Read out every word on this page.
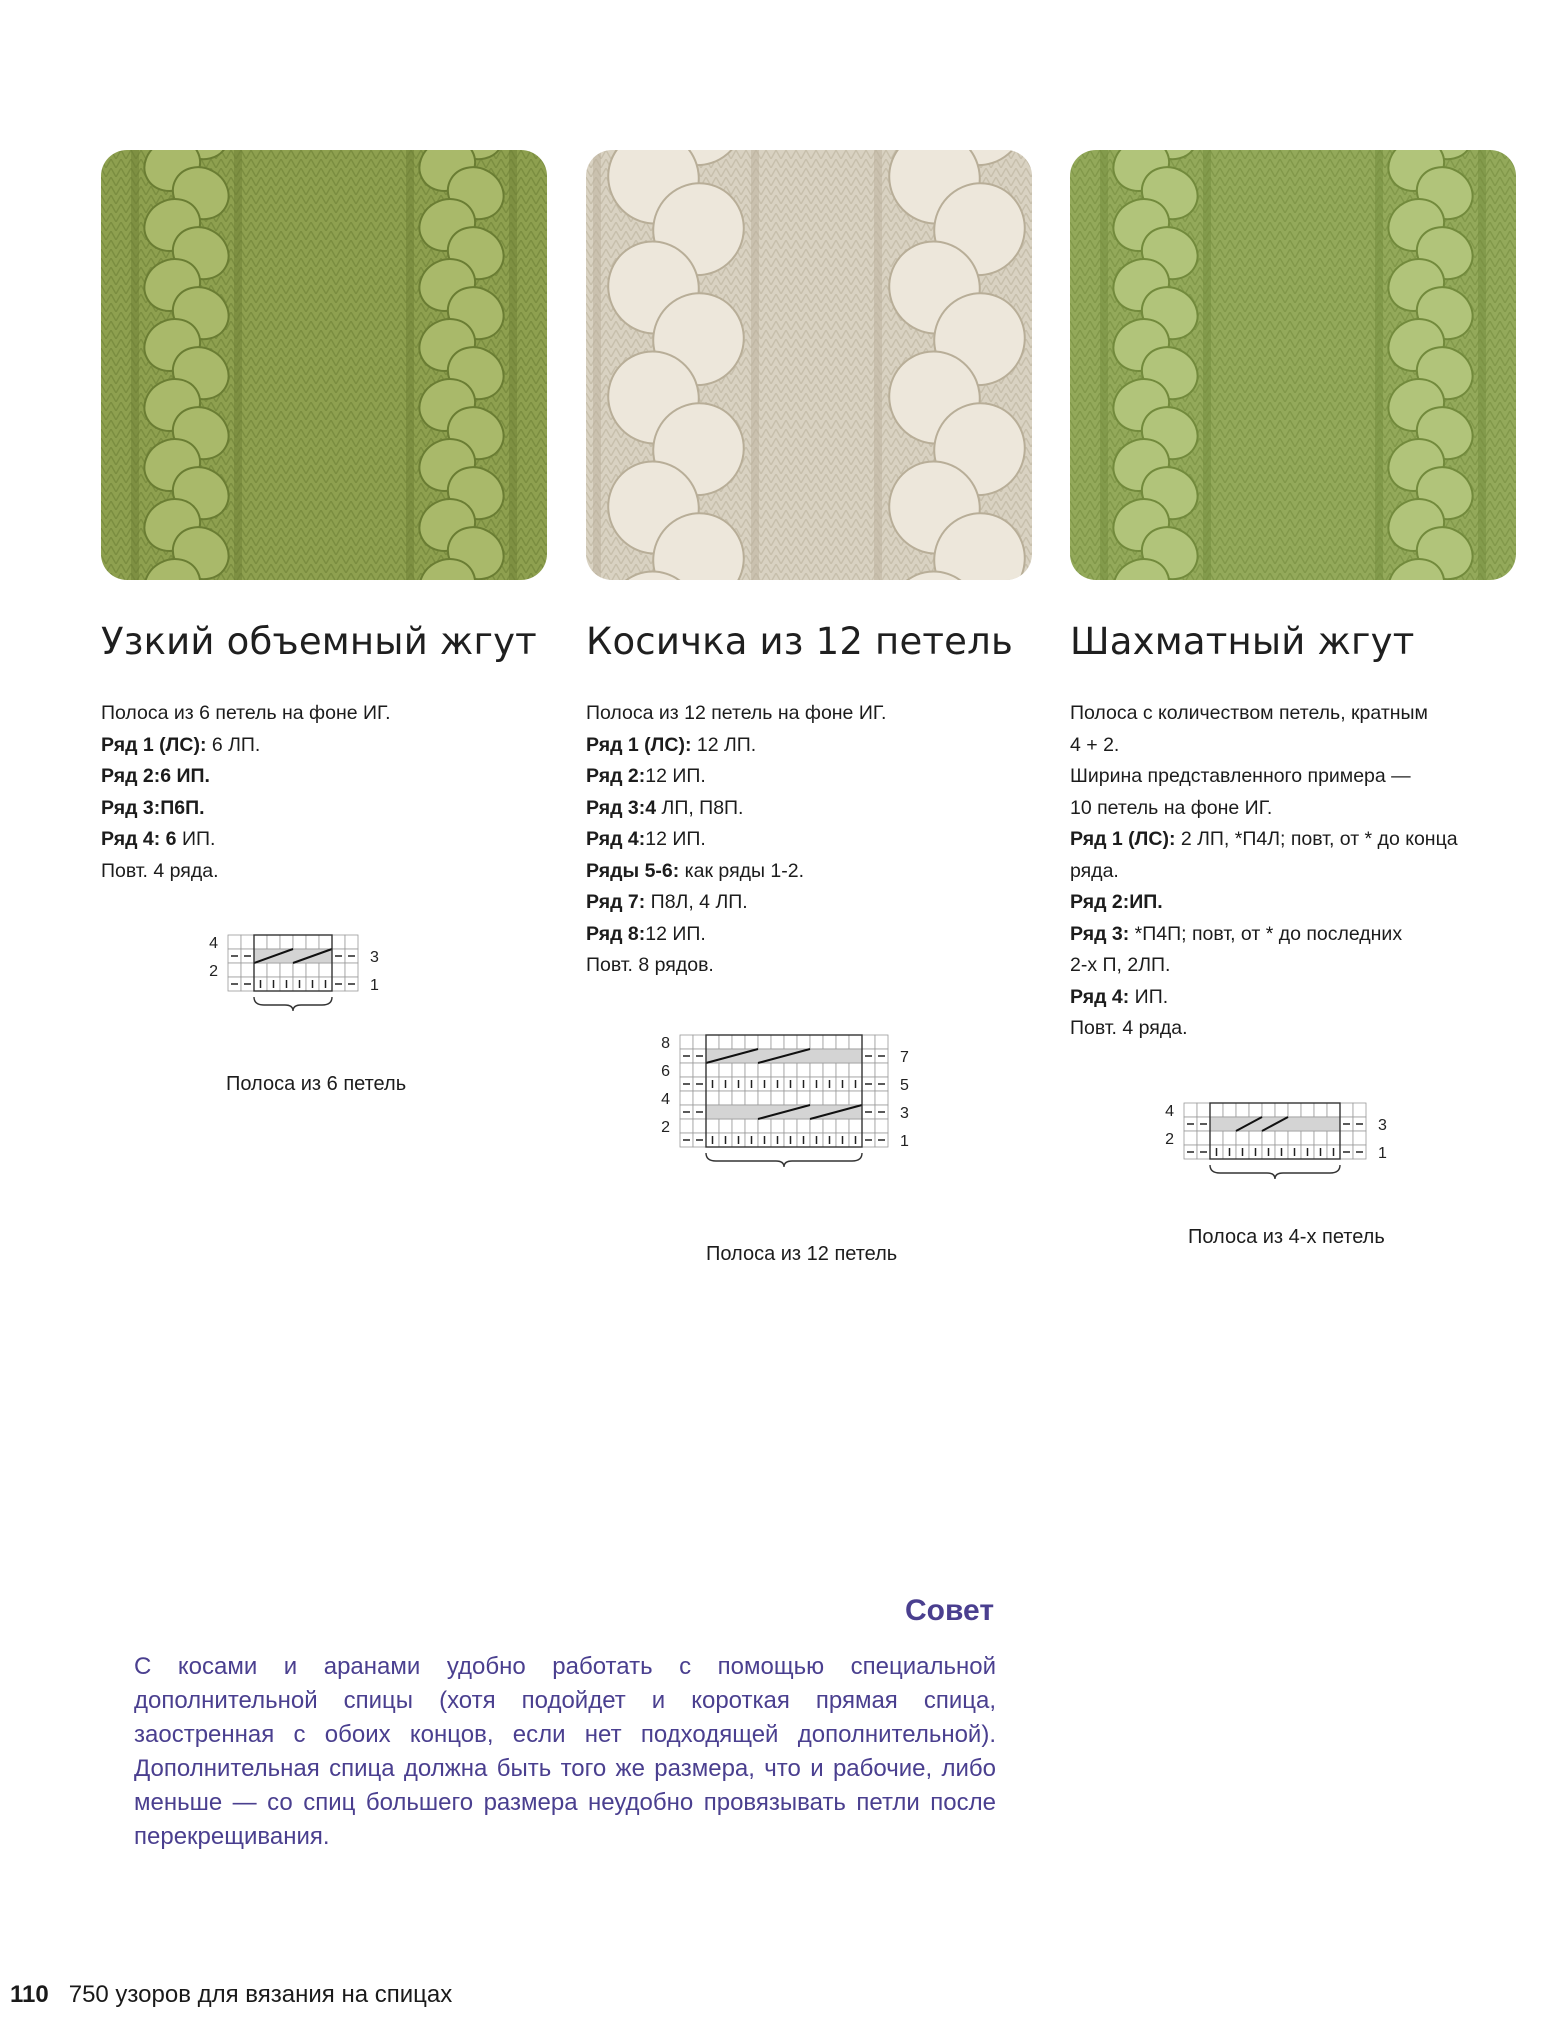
Узкий объемный жгут
Полоса из 6 петель на фоне ИГ.
Ряд 1 (ЛС): 6 ЛП.
Ряд 2:6 ИП.
Ряд 3:П6П.
Ряд 4: 6 ИП.
Повт. 4 ряда.
4
2
3
1
Полоса из 6 петель
Косичка из 12 петель
Полоса из 12 петель на фоне ИГ.
Ряд 1 (ЛС): 12 ЛП.
Ряд 2:12 ИП.
Ряд 3:4 ЛП, П8П.
Ряд 4:12 ИП.
Ряды 5-6: как ряды 1-2.
Ряд 7: П8Л, 4 ЛП.
Ряд 8:12 ИП.
Повт. 8 рядов.
8
6
4
2
7
5
3
1
Полоса из 12 петель
Шахматный жгут
Полоса с количеством петель, кратным
4 + 2.
Ширина представленного примера —
10 петель на фоне ИГ.
Ряд 1 (ЛС): 2 ЛП, *П4Л; повт, от * до конца
ряда.
Ряд 2:ИП.
Ряд 3: *П4П; повт, от * до последних
2-х П, 2ЛП.
Ряд 4: ИП.
Повт. 4 ряда.
4
2
3
1
Полоса из 4-х петель
Совет
С косами и аранами удобно работать с помощью специальной дополнительной спицы (хотя подойдет и короткая прямая спица, заостренная с обоих концов, если нет подходящей дополнительной). Дополнительная спица должна быть того же размера, что и рабочие, либо меньше — со спиц большего размера неудобно провязывать петли после перекрещивания.
110 750 узоров для вязания на спицах
